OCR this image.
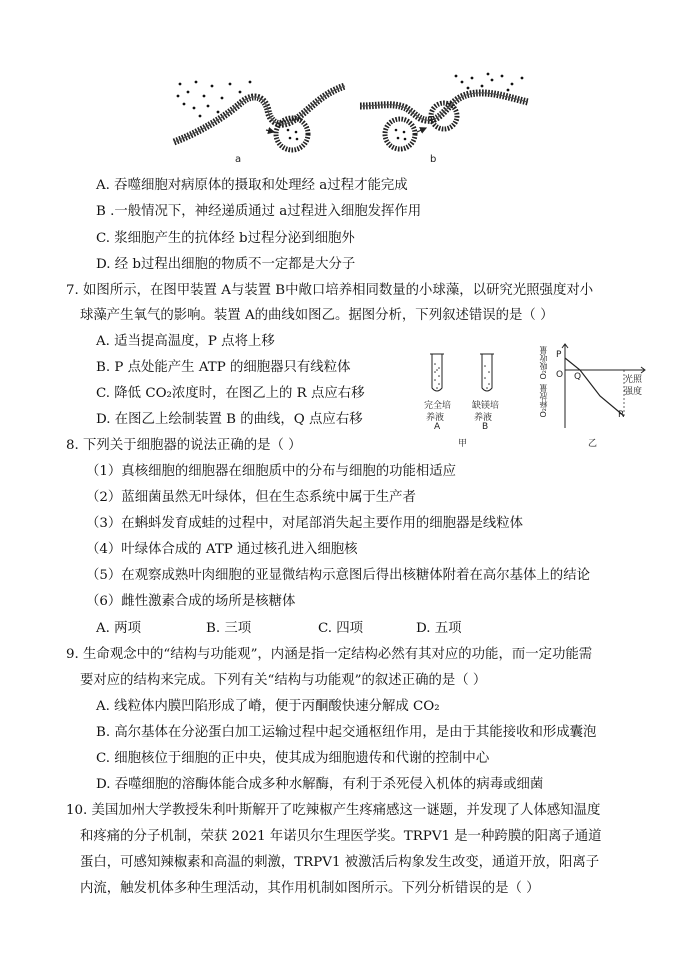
a	b
A. 吞噬细胞对病原体的摄取和处理经 a过程才能完成
B .一般情况下，神经递质通过 a过程进入细胞发挥作用
C. 浆细胞产生的抗体经 b过程分泌到细胞外
D. 经 b过程出细胞的物质不一定都是大分子
7. 如图所示，在图甲装置 A与装置 B中敞口培养相同数量的小球藻，以研究光照强度对小
球藻产生氧气的影响。装置 A的曲线如图乙。据图分析，下列叙述错误的是（ ）
A. 适当提高温度，P 点将上移
B. P 点处能产生 ATP 的细胞器只有线粒体
C. 降低 CO₂浓度时，在图乙上的 R 点应右移
D. 在图乙上绘制装置 B 的曲线，Q 点应右移
完全培
养液
A
缺镁培
养液
B
甲
O₂吸收量
O₂释放量
P
O Q	光照
强度
R
乙
8. 下列关于细胞器的说法正确的是（ ）
（1）真核细胞的细胞器在细胞质中的分布与细胞的功能相适应
（2）蓝细菌虽然无叶绿体，但在生态系统中属于生产者
（3）在蝌蚪发育成蛙的过程中，对尾部消失起主要作用的细胞器是线粒体
（4）叶绿体合成的 ATP 通过核孔进入细胞核
（5）在观察成熟叶肉细胞的亚显微结构示意图后得出核糖体附着在高尔基体上的结论
（6）雌性激素合成的场所是核糖体
A. 两项	B. 三项	C. 四项	D. 五项
9. 生命观念中的“结构与功能观”，内涵是指一定结构必然有其对应的功能，而一定功能需
要对应的结构来完成。下列有关“结构与功能观”的叙述正确的是（ ）
A. 线粒体内膜凹陷形成了嵴，便于丙酮酸快速分解成 CO₂
B. 高尔基体在分泌蛋白加工运输过程中起交通枢纽作用，是由于其能接收和形成囊泡
C. 细胞核位于细胞的正中央，使其成为细胞遗传和代谢的控制中心
D. 吞噬细胞的溶酶体能合成多种水解酶，有利于杀死侵入机体的病毒或细菌
10. 美国加州大学教授朱利叶斯解开了吃辣椒产生疼痛感这一谜题，并发现了人体感知温度
和疼痛的分子机制，荣获 2021 年诺贝尔生理医学奖。TRPV1 是一种跨膜的阳离子通道
蛋白，可感知辣椒素和高温的刺激，TRPV1 被激活后构象发生改变，通道开放，阳离子
内流，触发机体多种生理活动，其作用机制如图所示。下列分析错误的是（ ）
